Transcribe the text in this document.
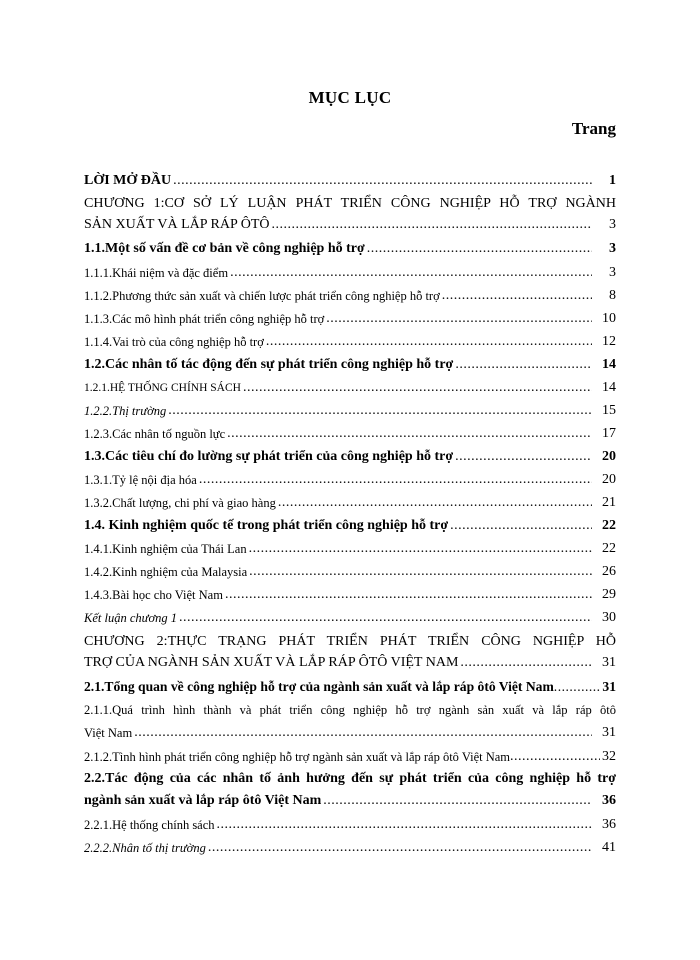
MỤC LỤC
Trang
LỜI MỞ ĐẦU .....	1
CHƯƠNG 1:CƠ SỞ LÝ LUẬN PHÁT TRIỂN CÔNG NGHIỆP HỖ TRỢ NGÀNH
SẢN XUẤT VÀ LẮP RÁP ÔTÔ .....	3
1.1.Một số vấn đề cơ bản về công nghiệp hỗ trợ .....	3
1.1.1.Khái niệm và đặc điểm .....	3
1.1.2.Phương thức sản xuất và chiến lược phát triển công nghiệp hỗ trợ .....	8
1.1.3.Các mô hình phát triển công nghiệp hỗ trợ .....	10
1.1.4.Vai trò của công nghiệp hỗ trợ .....	12
1.2.Các nhân tố tác động đến sự phát triển công nghiệp hỗ trợ .....	14
1.2.1.HỆ THỐNG CHÍNH SÁCH .....	14
1.2.2.Thị trường .....	15
1.2.3.Các nhân tố nguồn lực .....	17
1.3.Các tiêu chí đo lường sự phát triển của công nghiệp hỗ trợ .....	20
1.3.1.Tỷ lệ nội địa hóa .....	20
1.3.2.Chất lượng, chi phí và giao hàng .....	21
1.4. Kinh nghiệm quốc tế trong phát triển công nghiệp hỗ trợ .....	22
1.4.1.Kinh nghiệm của Thái Lan .....	22
1.4.2.Kinh nghiệm của Malaysia .....	26
1.4.3.Bài học cho Việt Nam .....	29
Kết luận chương 1 .....	30
CHƯƠNG 2:THỰC TRẠNG PHÁT TRIỂN PHÁT TRIỂN CÔNG NGHIỆP HỖ
TRỢ CỦA NGÀNH SẢN XUẤT VÀ LẮP RÁP ÔTÔ VIỆT NAM .....	31
2.1.Tổng quan về công nghiệp hỗ trợ của ngành sản xuất và lắp ráp ôtô Việt Nam .....	31
2.1.1.Quá trình hình thành và phát triển công nghiệp hỗ trợ ngành sản xuất và lắp ráp ôtô
Việt Nam .....	31
2.1.2.Tình hình phát triển công nghiệp hỗ trợ ngành sản xuất và lắp ráp ôtô Việt Nam .....	32
2.2.Tác động của các nhân tố ảnh hưởng đến sự phát triển của công nghiệp hỗ trợ
ngành sản xuất và lắp ráp ôtô Việt Nam .....	36
2.2.1.Hệ thống chính sách .....	36
2.2.2.Nhân tố thị trường .....	41
